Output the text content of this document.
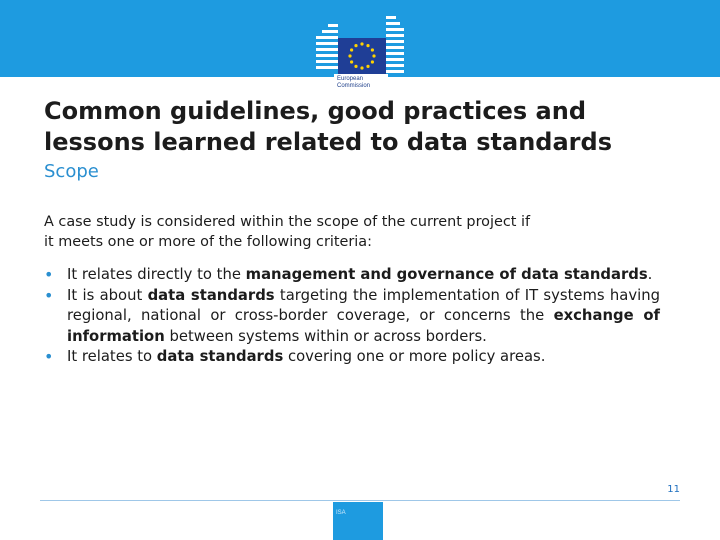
European
Commission
Common guidelines, good practices and
lessons learned related to data standards

Scope

A case study is considered within the scope of the current project if
it meets one or more of the following criteria:

• It relates directly to the management and governance of data standards.
• It is about data standards targeting the implementation of IT systems having regional, national or cross-border coverage, or concerns the exchange of information between systems within or across borders.
• It relates to data standards covering one or more policy areas.
11
ISA
